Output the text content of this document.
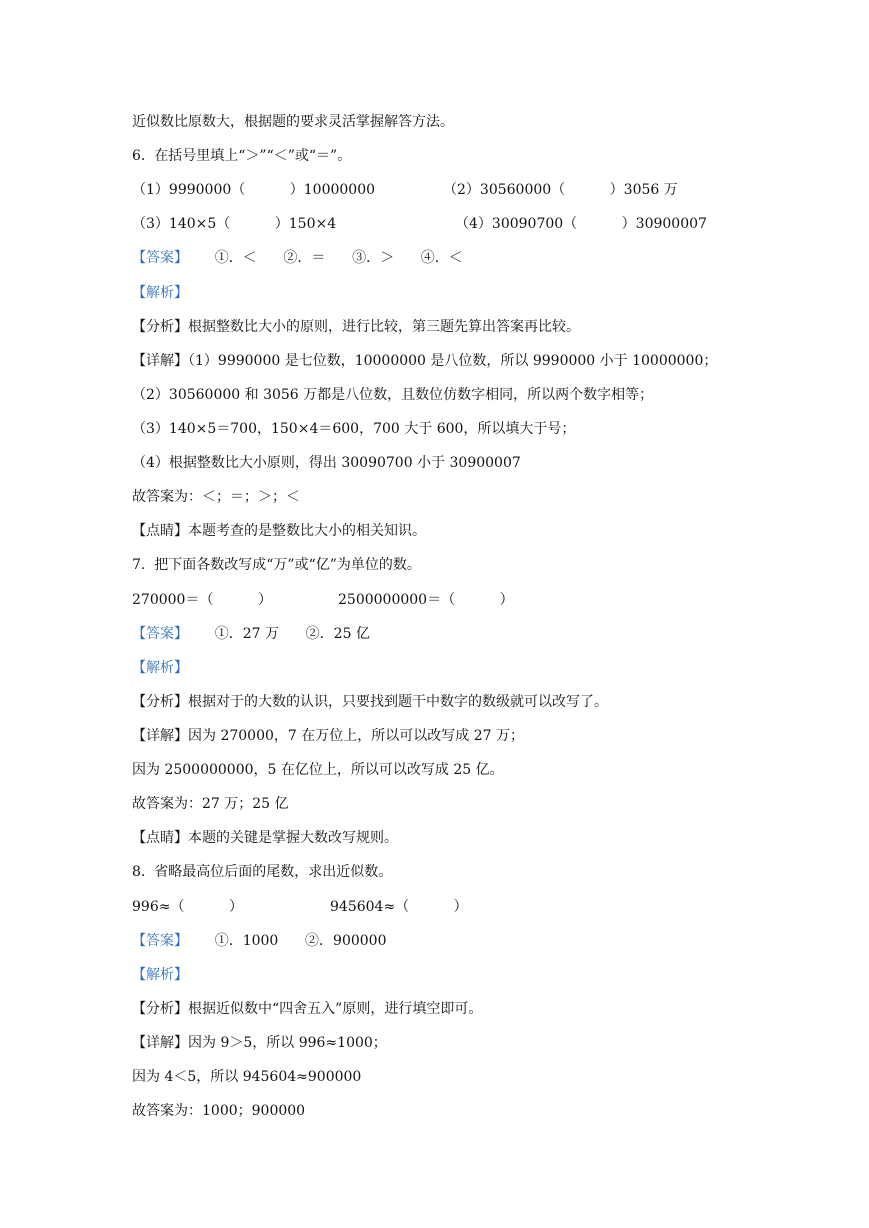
近似数比原数大，根据题的要求灵活掌握解答方法。
6.  在括号里填上“＞”“＜”或“＝”。
（1）9990000（          ）10000000	（2）30560000（          ）3056 万
（3）140×5（          ）150×4	（4）30090700（          ）30900007
【答案】 ①．＜      ②．＝      ③．＞      ④．＜
【解析】
【分析】根据整数比大小的原则，进行比较，第三题先算出答案再比较。
【详解】（1）9990000 是七位数，10000000 是八位数，所以 9990000 小于 10000000；
（2）30560000 和 3056 万都是八位数，且数位仿数字相同，所以两个数字相等；
（3）140×5＝700，150×4＝600，700 大于 600，所以填大于号；
（4）根据整数比大小原则，得出 30090700 小于 30900007
故答案为：＜；＝；＞；＜
【点睛】本题考查的是整数比大小的相关知识。
7.  把下面各数改写成“万”或“亿”为单位的数。
270000＝（          ）	2500000000＝（          ）
【答案】 ①．27 万      ②．25 亿
【解析】
【分析】根据对于的大数的认识，只要找到题干中数字的数级就可以改写了。
【详解】因为 270000，7 在万位上，所以可以改写成 27 万；
因为 2500000000，5 在亿位上，所以可以改写成 25 亿。
故答案为：27 万；25 亿
【点睛】本题的关键是掌握大数改写规则。
8.  省略最高位后面的尾数，求出近似数。
996≈（          ）	945604≈（          ）
【答案】 ①．1000      ②．900000
【解析】
【分析】根据近似数中“四舍五入”原则，进行填空即可。
【详解】因为 9＞5，所以 996≈1000；
因为 4＜5，所以 945604≈900000
故答案为：1000；900000
